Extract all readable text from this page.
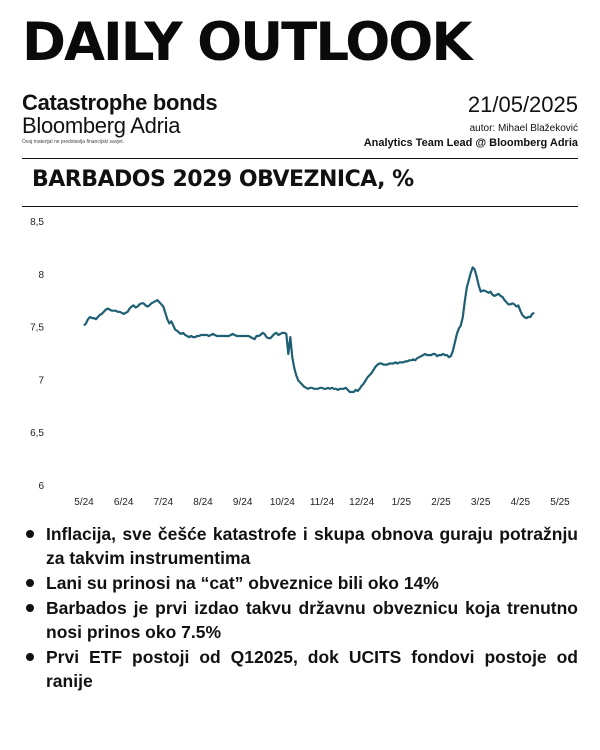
DAILY OUTLOOK
Catastrophe bonds
Bloomberg Adria
Ovaj materijal ne predstavlja financijski savjet.
21/05/2025
autor: Mihael Blažeković
Analytics Team Lead @ Bloomberg Adria
BARBADOS 2029 OBVEZNICA, %
8,5
8
7,5
7
6,5
6
5/24 6/24 7/24 8/24 9/24 10/24 11/24 12/24 1/25 2/25 3/25 4/25 5/25
Inflacija, sve češće katastrofe i skupa obnova guraju potražnju za takvim instrumentima
Lani su prinosi na “cat” obveznice bili oko 14%
Barbados je prvi izdao takvu državnu obveznicu koja trenutno nosi prinos oko 7.5%
Prvi ETF postoji od Q12025, dok UCITS fondovi postoje od ranije
